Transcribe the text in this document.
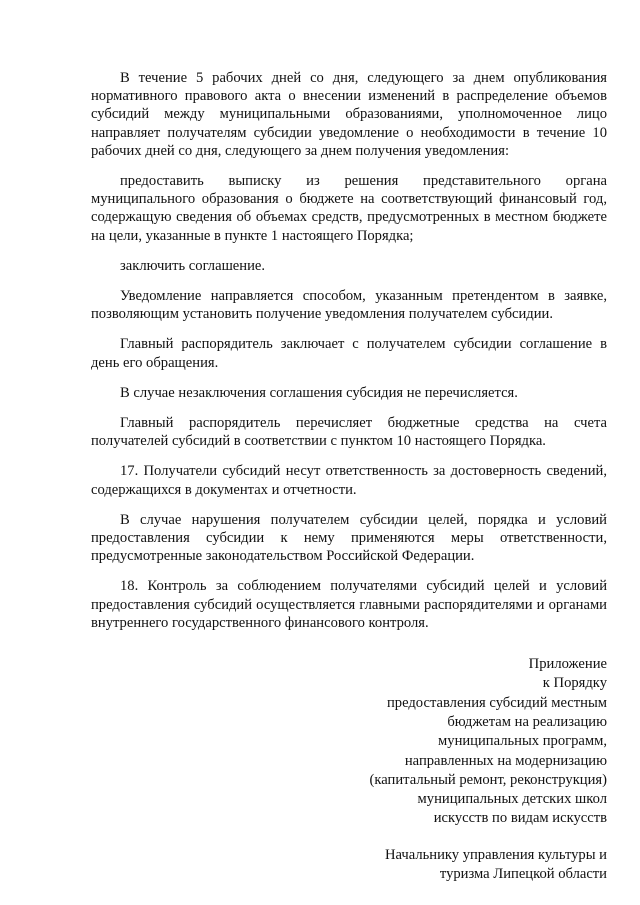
В течение 5 рабочих дней со дня, следующего за днем опубликования нормативного правового акта о внесении изменений в распределение объемов субсидий между муниципальными образованиями, уполномоченное лицо направляет получателям субсидии уведомление о необходимости в течение 10 рабочих дней со дня, следующего за днем получения уведомления:

предоставить выписку из решения представительного органа муниципального образования о бюджете на соответствующий финансовый год, содержащую сведения об объемах средств, предусмотренных в местном бюджете на цели, указанные в пункте 1 настоящего Порядка;

заключить соглашение.

Уведомление направляется способом, указанным претендентом в заявке, позволяющим установить получение уведомления получателем субсидии.

Главный распорядитель заключает с получателем субсидии соглашение в день его обращения.

В случае незаключения соглашения субсидия не перечисляется.

Главный распорядитель перечисляет бюджетные средства на счета получателей субсидий в соответствии с пунктом 10 настоящего Порядка.

17. Получатели субсидий несут ответственность за достоверность сведений, содержащихся в документах и отчетности.

В случае нарушения получателем субсидии целей, порядка и условий предоставления субсидии к нему применяются меры ответственности, предусмотренные законодательством Российской Федерации.

18. Контроль за соблюдением получателями субсидий целей и условий предоставления субсидий осуществляется главными распорядителями и органами внутреннего государственного финансового контроля.

Приложение
к Порядку
предоставления субсидий местным
бюджетам на реализацию
муниципальных программ,
направленных на модернизацию
(капитальный ремонт, реконструкция)
муниципальных детских школ
искусств по видам искусств
Начальнику управления культуры и
туризма Липецкой области
